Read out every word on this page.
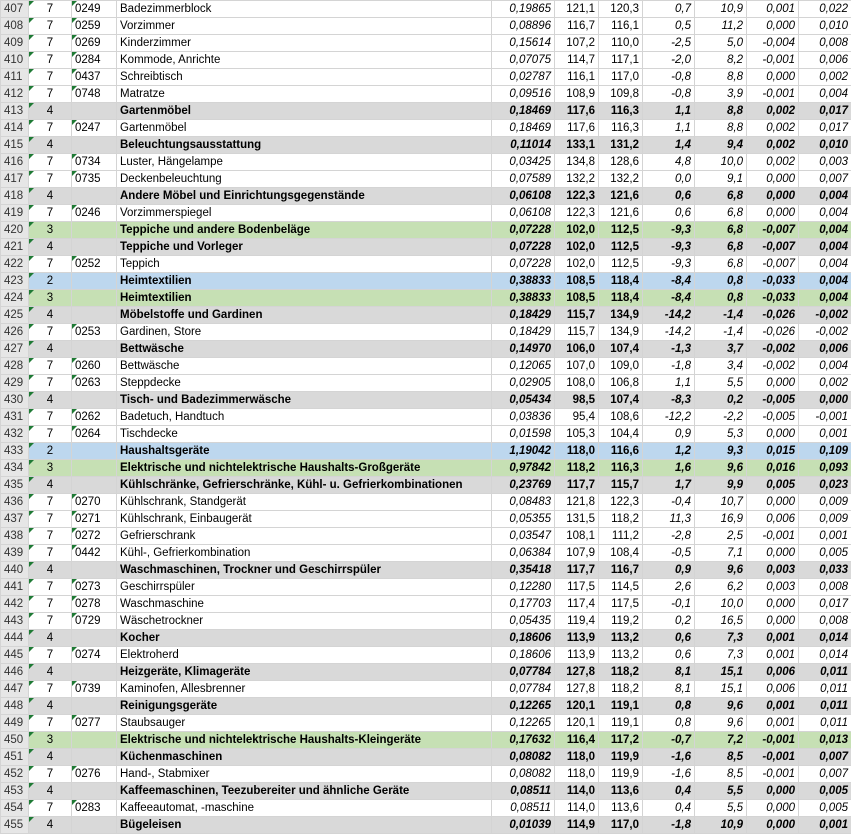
407	7	0249	Badezimmerblock	0,19865	121,1	120,3	0,7	10,9	0,001	0,022
408	7	0259	Vorzimmer	0,08896	116,7	116,1	0,5	11,2	0,000	0,010
409	7	0269	Kinderzimmer	0,15614	107,2	110,0	-2,5	5,0	-0,004	0,008
410	7	0284	Kommode, Anrichte	0,07075	114,7	117,1	-2,0	8,2	-0,001	0,006
411	7	0437	Schreibtisch	0,02787	116,1	117,0	-0,8	8,8	0,000	0,002
412	7	0748	Matratze	0,09516	108,9	109,8	-0,8	3,9	-0,001	0,004
413	4		Gartenmöbel	0,18469	117,6	116,3	1,1	8,8	0,002	0,017
414	7	0247	Gartenmöbel	0,18469	117,6	116,3	1,1	8,8	0,002	0,017
415	4		Beleuchtungsausstattung	0,11014	133,1	131,2	1,4	9,4	0,002	0,010
416	7	0734	Luster, Hängelampe	0,03425	134,8	128,6	4,8	10,0	0,002	0,003
417	7	0735	Deckenbeleuchtung	0,07589	132,2	132,2	0,0	9,1	0,000	0,007
418	4		Andere Möbel und Einrichtungsgegenstände	0,06108	122,3	121,6	0,6	6,8	0,000	0,004
419	7	0246	Vorzimmerspiegel	0,06108	122,3	121,6	0,6	6,8	0,000	0,004
420	3		Teppiche und andere Bodenbeläge	0,07228	102,0	112,5	-9,3	6,8	-0,007	0,004
421	4		Teppiche und Vorleger	0,07228	102,0	112,5	-9,3	6,8	-0,007	0,004
422	7	0252	Teppich	0,07228	102,0	112,5	-9,3	6,8	-0,007	0,004
423	2		Heimtextilien	0,38833	108,5	118,4	-8,4	0,8	-0,033	0,004
424	3		Heimtextilien	0,38833	108,5	118,4	-8,4	0,8	-0,033	0,004
425	4		Möbelstoffe und Gardinen	0,18429	115,7	134,9	-14,2	-1,4	-0,026	-0,002
426	7	0253	Gardinen, Store	0,18429	115,7	134,9	-14,2	-1,4	-0,026	-0,002
427	4		Bettwäsche	0,14970	106,0	107,4	-1,3	3,7	-0,002	0,006
428	7	0260	Bettwäsche	0,12065	107,0	109,0	-1,8	3,4	-0,002	0,004
429	7	0263	Steppdecke	0,02905	108,0	106,8	1,1	5,5	0,000	0,002
430	4		Tisch- und Badezimmerwäsche	0,05434	98,5	107,4	-8,3	0,2	-0,005	0,000
431	7	0262	Badetuch, Handtuch	0,03836	95,4	108,6	-12,2	-2,2	-0,005	-0,001
432	7	0264	Tischdecke	0,01598	105,3	104,4	0,9	5,3	0,000	0,001
433	2		Haushaltsgeräte	1,19042	118,0	116,6	1,2	9,3	0,015	0,109
434	3		Elektrische und nichtelektrische Haushalts-Großgeräte	0,97842	118,2	116,3	1,6	9,6	0,016	0,093
435	4		Kühlschränke, Gefrierschränke, Kühl- u. Gefrierkombinationen	0,23769	117,7	115,7	1,7	9,9	0,005	0,023
436	7	0270	Kühlschrank, Standgerät	0,08483	121,8	122,3	-0,4	10,7	0,000	0,009
437	7	0271	Kühlschrank, Einbaugerät	0,05355	131,5	118,2	11,3	16,9	0,006	0,009
438	7	0272	Gefrierschrank	0,03547	108,1	111,2	-2,8	2,5	-0,001	0,001
439	7	0442	Kühl-, Gefrierkombination	0,06384	107,9	108,4	-0,5	7,1	0,000	0,005
440	4		Waschmaschinen, Trockner und Geschirrspüler	0,35418	117,7	116,7	0,9	9,6	0,003	0,033
441	7	0273	Geschirrspüler	0,12280	117,5	114,5	2,6	6,2	0,003	0,008
442	7	0278	Waschmaschine	0,17703	117,4	117,5	-0,1	10,0	0,000	0,017
443	7	0729	Wäschetrockner	0,05435	119,4	119,2	0,2	16,5	0,000	0,008
444	4		Kocher	0,18606	113,9	113,2	0,6	7,3	0,001	0,014
445	7	0274	Elektroherd	0,18606	113,9	113,2	0,6	7,3	0,001	0,014
446	4		Heizgeräte, Klimageräte	0,07784	127,8	118,2	8,1	15,1	0,006	0,011
447	7	0739	Kaminofen, Allesbrenner	0,07784	127,8	118,2	8,1	15,1	0,006	0,011
448	4		Reinigungsgeräte	0,12265	120,1	119,1	0,8	9,6	0,001	0,011
449	7	0277	Staubsauger	0,12265	120,1	119,1	0,8	9,6	0,001	0,011
450	3		Elektrische und nichtelektrische Haushalts-Kleingeräte	0,17632	116,4	117,2	-0,7	7,2	-0,001	0,013
451	4		Küchenmaschinen	0,08082	118,0	119,9	-1,6	8,5	-0,001	0,007
452	7	0276	Hand-, Stabmixer	0,08082	118,0	119,9	-1,6	8,5	-0,001	0,007
453	4		Kaffeemaschinen, Teezubereiter und ähnliche Geräte	0,08511	114,0	113,6	0,4	5,5	0,000	0,005
454	7	0283	Kaffeeautomat, -maschine	0,08511	114,0	113,6	0,4	5,5	0,000	0,005
455	4		Bügeleisen	0,01039	114,9	117,0	-1,8	10,9	0,000	0,001
